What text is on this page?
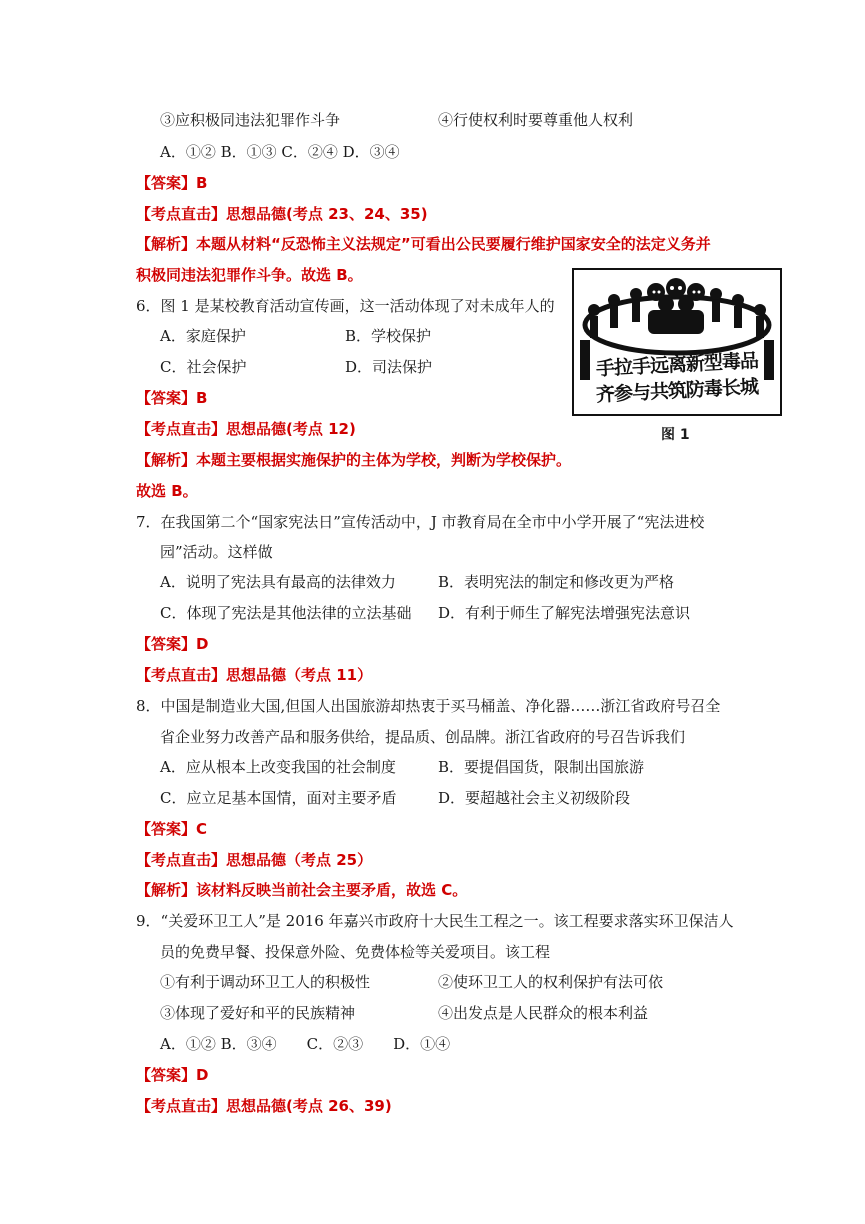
③应积极同违法犯罪作斗争	④行使权利时要尊重他人权利
A．①② B．①③ C．②④ D．③④
【答案】B
【考点直击】思想品德(考点 23、24、35)
【解析】本题从材料“反恐怖主义法规定”可看出公民要履行维护国家安全的法定义务并
积极同违法犯罪作斗争。故选 B。
6．图 1 是某校教育活动宣传画，这一活动体现了对未成年人的
A．家庭保护	B．学校保护
C．社会保护	D．司法保护
【答案】B
【考点直击】思想品德(考点 12)
【解析】本题主要根据实施保护的主体为学校，判断为学校保护。
故选 B。
手拉手远离新型毒品
齐参与共筑防毒长城
图 1
7．在我国第二个“国家宪法日”宣传活动中，J 市教育局在全市中小学开展了“宪法进校
园”活动。这样做
A．说明了宪法具有最高的法律效力	B．表明宪法的制定和修改更为严格
C．体现了宪法是其他法律的立法基础 D．有利于师生了解宪法增强宪法意识
【答案】D
【考点直击】思想品德（考点 11）
8．中国是制造业大国,但国人出国旅游却热衷于买马桶盖、净化器……浙江省政府号召全
省企业努力改善产品和服务供给，提品质、创品牌。浙江省政府的号召告诉我们
A．应从根本上改变我国的社会制度	B．要提倡国货，限制出国旅游
C．应立足基本国情，面对主要矛盾	D．要超越社会主义初级阶段
【答案】C
【考点直击】思想品德（考点 25）
【解析】该材料反映当前社会主要矛盾，故选 C。
9．“关爱环卫工人”是 2016 年嘉兴市政府十大民生工程之一。该工程要求落实环卫保洁人
员的免费早餐、投保意外险、免费体检等关爱项目。该工程
①有利于调动环卫工人的积极性	②使环卫工人的权利保护有法可依
③体现了爱好和平的民族精神	④出发点是人民群众的根本利益
A．①② B．③④　　C．②③　　D．①④
【答案】D
【考点直击】思想品德(考点 26、39)
